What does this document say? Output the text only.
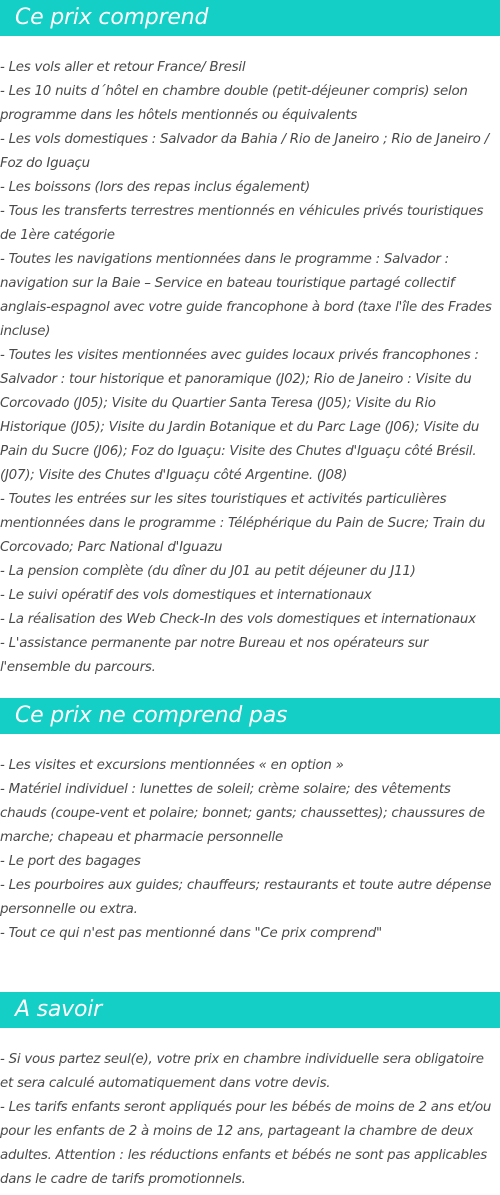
Ce prix comprend
- Les vols aller et retour France/ Bresil
- Les 10 nuits d´hôtel en chambre double (petit-déjeuner compris) selon programme dans les hôtels mentionnés ou équivalents
- Les vols domestiques : Salvador da Bahia / Rio de Janeiro ; Rio de Janeiro / Foz do Iguaçu
- Les boissons (lors des repas inclus également)
- Tous les transferts terrestres mentionnés en véhicules privés touristiques de 1ère catégorie
- Toutes les navigations mentionnées dans le programme : Salvador : navigation sur la Baie – Service en bateau touristique partagé collectif anglais-espagnol avec votre guide francophone à bord (taxe l'île des Frades incluse)
- Toutes les visites mentionnées avec guides locaux privés francophones : Salvador : tour historique et panoramique (J02); Rio de Janeiro : Visite du Corcovado (J05); Visite du Quartier Santa Teresa (J05); Visite du Rio Historique (J05); Visite du Jardin Botanique et du Parc Lage (J06); Visite du Pain du Sucre (J06); Foz do Iguaçu: Visite des Chutes d'Iguaçu côté Brésil. (J07); Visite des Chutes d'Iguaçu côté Argentine. (J08)
- Toutes les entrées sur les sites touristiques et activités particulières mentionnées dans le programme : Téléphérique du Pain de Sucre; Train du Corcovado; Parc National d'Iguazu
- La pension complète (du dîner du J01 au petit déjeuner du J11)
- Le suivi opératif des vols domestiques et internationaux
- La réalisation des Web Check-In des vols domestiques et internationaux
- L'assistance permanente par notre Bureau et nos opérateurs sur l'ensemble du parcours.
Ce prix ne comprend pas
- Les visites et excursions mentionnées « en option »
- Matériel individuel : lunettes de soleil; crème solaire; des vêtements chauds (coupe-vent et polaire; bonnet; gants; chaussettes); chaussures de marche; chapeau et pharmacie personnelle
- Le port des bagages
- Les pourboires aux guides; chauffeurs; restaurants et toute autre dépense personnelle ou extra.
- Tout ce qui n'est pas mentionné dans "Ce prix comprend"
A savoir
- Si vous partez seul(e), votre prix en chambre individuelle sera obligatoire et sera calculé automatiquement dans votre devis.
- Les tarifs enfants seront appliqués pour les bébés de moins de 2 ans et/ou pour les enfants de 2 à moins de 12 ans, partageant la chambre de deux adultes. Attention : les réductions enfants et bébés ne sont pas applicables dans le cadre de tarifs promotionnels.
